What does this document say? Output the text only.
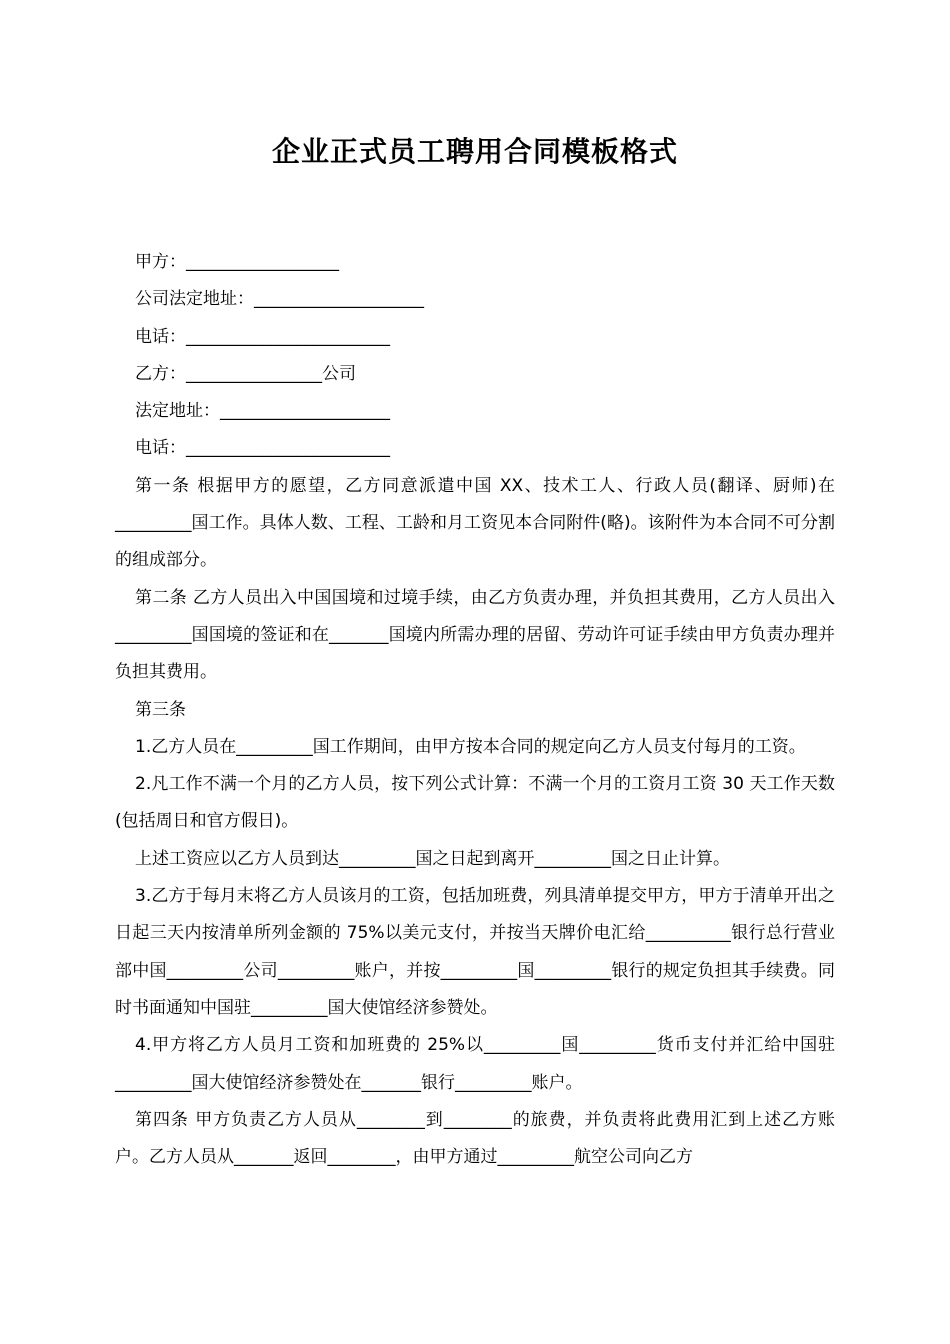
企业正式员工聘用合同模板格式

甲方：__________________

公司法定地址：____________________

电话：________________________

乙方：________________公司

法定地址：____________________

电话：________________________

第一条 根据甲方的愿望，乙方同意派遣中国 XX、技术工人、行政人员(翻译、厨师)在_________国工作。具体人数、工程、工龄和月工资见本合同附件(略)。该附件为本合同不可分割的组成部分。

第二条 乙方人员出入中国国境和过境手续，由乙方负责办理，并负担其费用，乙方人员出入_________国国境的签证和在_______国境内所需办理的居留、劳动许可证手续由甲方负责办理并负担其费用。

第三条

1.乙方人员在_________国工作期间，由甲方按本合同的规定向乙方人员支付每月的工资。

2.凡工作不满一个月的乙方人员，按下列公式计算：不满一个月的工资月工资 30 天工作天数(包括周日和官方假日)。

上述工资应以乙方人员到达_________国之日起到离开_________国之日止计算。

3.乙方于每月末将乙方人员该月的工资，包括加班费，列具清单提交甲方，甲方于清单开出之日起三天内按清单所列金额的 75%以美元支付，并按当天牌价电汇给__________银行总行营业部中国_________公司_________账户，并按_________国_________银行的规定负担其手续费。同时书面通知中国驻_________国大使馆经济参赞处。

4.甲方将乙方人员月工资和加班费的 25%以_________国_________货币支付并汇给中国驻_________国大使馆经济参赞处在_______银行_________账户。

第四条 甲方负责乙方人员从________到________的旅费，并负责将此费用汇到上述乙方账户。乙方人员从_______返回________，由甲方通过_________航空公司向乙方
